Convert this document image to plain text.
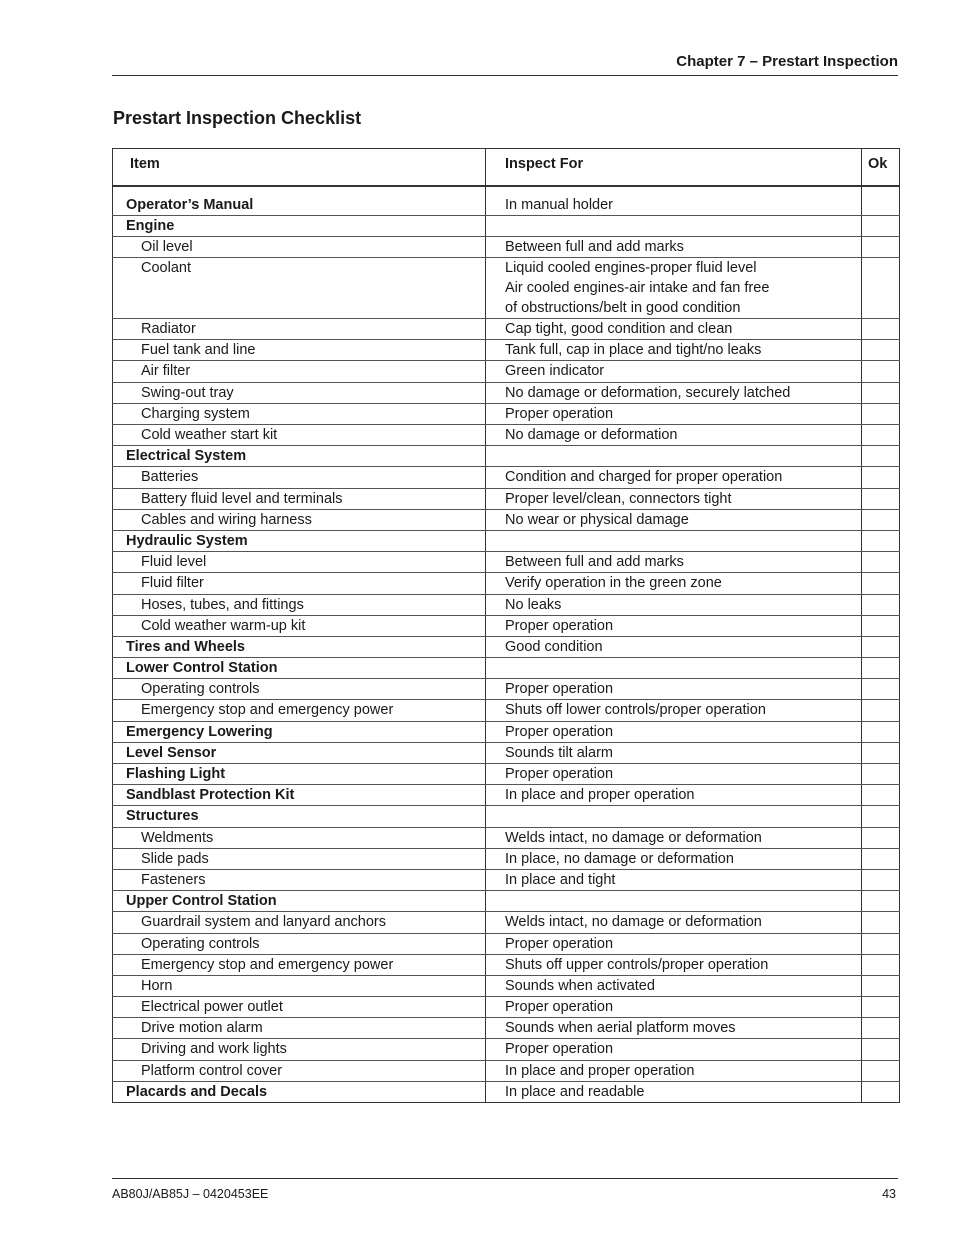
Chapter 7 – Prestart Inspection
Prestart Inspection Checklist
Item	Inspect For	Ok

Operator’s Manual	In manual holder	

Engine		
Oil level	Between full and add marks	

Coolant	Liquid cooled engines-proper fluid level
Air cooled engines-air intake and fan free
of obstructions/belt in good condition	

Radiator	Cap tight, good condition and clean	

Fuel tank and line	Tank full, cap in place and tight/no leaks	

Air filter	Green indicator	

Swing-out tray	No damage or deformation, securely latched	

Charging system	Proper operation	

Cold weather start kit	No damage or deformation	

Electrical System		
Batteries	Condition and charged for proper operation	

Battery fluid level and terminals	Proper level/clean, connectors tight	

Cables and wiring harness	No wear or physical damage	

Hydraulic System		
Fluid level	Between full and add marks	

Fluid filter	Verify operation in the green zone	

Hoses, tubes, and fittings	No leaks	

Cold weather warm-up kit	Proper operation	

Tires and Wheels	Good condition	

Lower Control Station		
Operating controls	Proper operation	

Emergency stop and emergency power	Shuts off lower controls/proper operation	

Emergency Lowering	Proper operation	

Level Sensor	Sounds tilt alarm	

Flashing Light	Proper operation	

Sandblast Protection Kit	In place and proper operation	

Structures		
Weldments	Welds intact, no damage or deformation	

Slide pads	In place, no damage or deformation	

Fasteners	In place and tight	

Upper Control Station		
Guardrail system and lanyard anchors	Welds intact, no damage or deformation	

Operating controls	Proper operation	

Emergency stop and emergency power	Shuts off upper controls/proper operation	

Horn	Sounds when activated	

Electrical power outlet	Proper operation	

Drive motion alarm	Sounds when aerial platform moves	

Driving and work lights	Proper operation	

Platform control cover	In place and proper operation	

Placards and Decals	In place and readable	

AB80J/AB85J – 0420453EE	43
